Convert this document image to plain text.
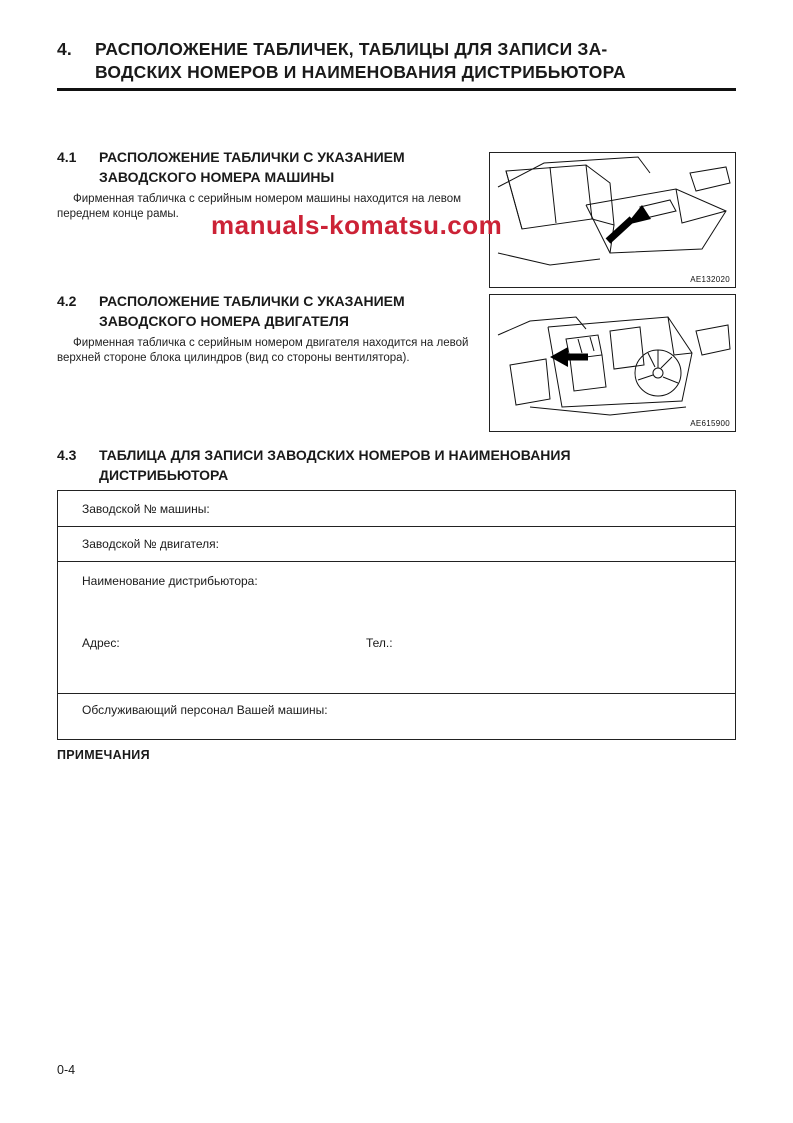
4.	РАСПОЛОЖЕНИЕ ТАБЛИЧЕК, ТАБЛИЦЫ ДЛЯ ЗАПИСИ ЗА-
ВОДСКИХ НОМЕРОВ И НАИМЕНОВАНИЯ ДИСТРИБЬЮТОРА
4.1	РАСПОЛОЖЕНИЕ ТАБЛИЧКИ С УКАЗАНИЕМ
ЗАВОДСКОГО НОМЕРА МАШИНЫ

Фирменная табличка с серийным номером машины находится на левом переднем конце рамы.

AE132020
manuals-komatsu.com
4.2	РАСПОЛОЖЕНИЕ ТАБЛИЧКИ С УКАЗАНИЕМ
ЗАВОДСКОГО НОМЕРА ДВИГАТЕЛЯ

Фирменная табличка с серийным номером двигателя находится на левой верхней стороне блока цилиндров (вид со стороны вентилятора).

AE615900
4.3	ТАБЛИЦА ДЛЯ ЗАПИСИ ЗАВОДСКИХ НОМЕРОВ И НАИМЕНОВАНИЯ
ДИСТРИБЬЮТОРА
Заводской № машины:
Заводской № двигателя:
Наименование дистрибьютора:
Адрес:	Тел.:
Обслуживающий персонал Вашей машины:
ПРИМЕЧАНИЯ
0-4
